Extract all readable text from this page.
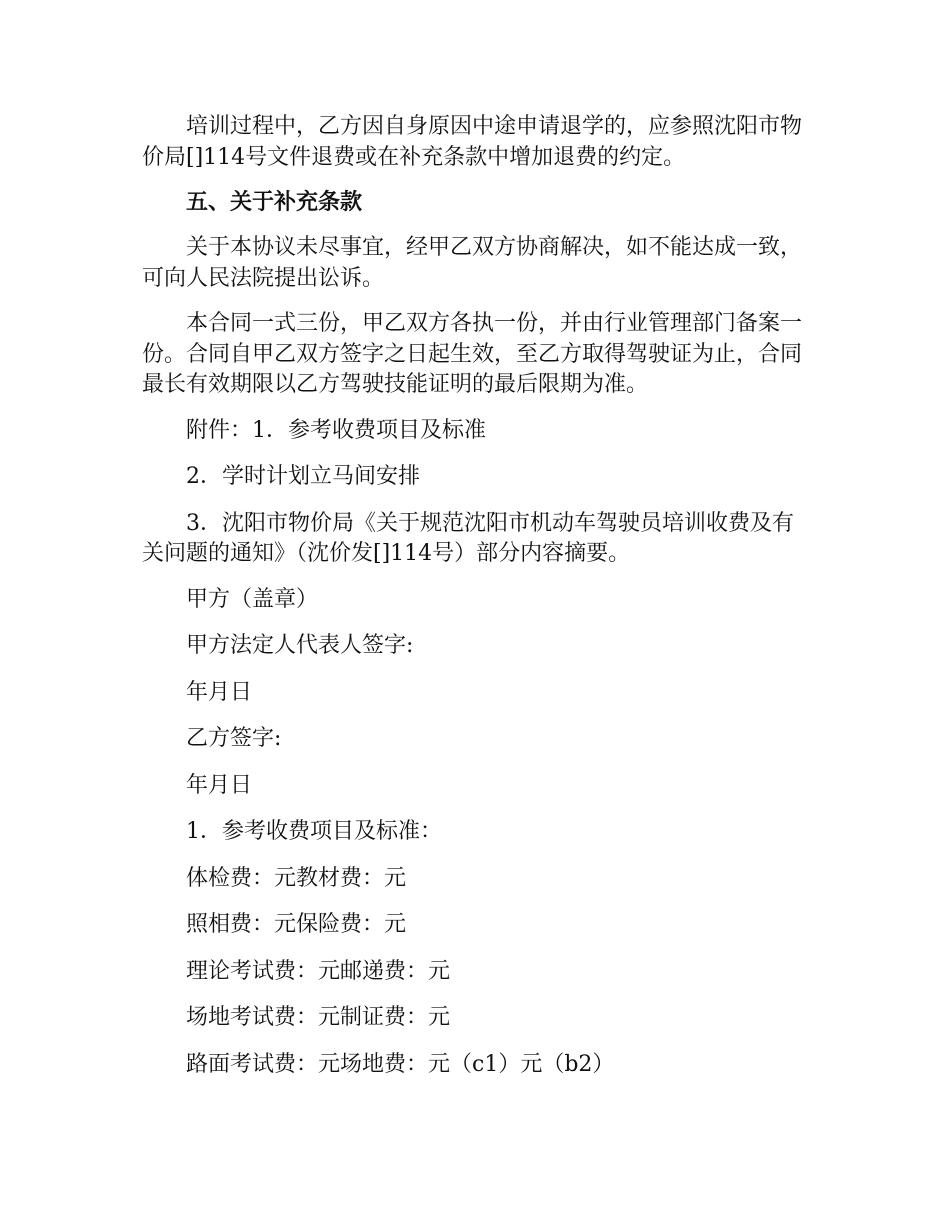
培训过程中，乙方因自身原因中途申请退学的，应参照沈阳市物价局[]114号文件退费或在补充条款中增加退费的约定。

五、关于补充条款

关于本协议未尽事宜，经甲乙双方协商解决，如不能达成一致，可向人民法院提出讼诉。

本合同一式三份，甲乙双方各执一份，并由行业管理部门备案一份。合同自甲乙双方签字之日起生效，至乙方取得驾驶证为止，合同最长有效期限以乙方驾驶技能证明的最后限期为准。

附件：1．参考收费项目及标准

2．学时计划立马间安排

3．沈阳市物价局《关于规范沈阳市机动车驾驶员培训收费及有关问题的通知》（沈价发[]114号）部分内容摘要。

甲方（盖章）

甲方法定人代表人签字:

年月日

乙方签字:

年月日

1．参考收费项目及标准：

体检费：元教材费：元

照相费：元保险费：元

理论考试费：元邮递费：元

场地考试费：元制证费：元

路面考试费：元场地费：元（c1）元（b2）
